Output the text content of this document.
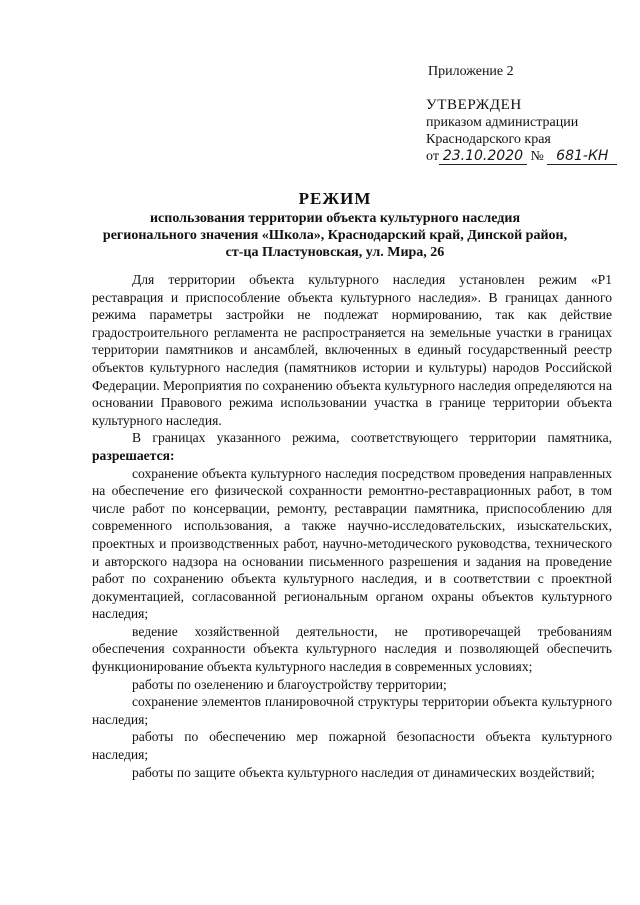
Приложение 2
УТВЕРЖДЕН
приказом администрации
Краснодарского края
от 23.10.2020 № 681-КН
РЕЖИМ
использования территории объекта культурного наследия
регионального значения «Школа», Краснодарский край, Динской район,
ст-ца Пластуновская, ул. Мира, 26

Для территории объекта культурного наследия установлен режим «Р1 реставрация и приспособление объекта культурного наследия». В границах данного режима параметры застройки не подлежат нормированию, так как действие градостроительного регламента не распространяется на земельные участки в границах территории памятников и ансамблей, включенных в единый государственный реестр объектов культурного наследия (памятников истории и культуры) народов Российской Федерации. Мероприятия по сохранению объекта культурного наследия определяются на основании Правового режима использовании участка в границе территории объекта культурного наследия.

В границах указанного режима, соответствующего территории памятника, разрешается:

сохранение объекта культурного наследия посредством проведения направленных на обеспечение его физической сохранности ремонтно-реставрационных работ, в том числе работ по консервации, ремонту, реставрации памятника, приспособлению для современного использования, а также научно-исследовательских, изыскательских, проектных и производственных работ, научно-методического руководства, технического и авторского надзора на основании письменного разрешения и задания на проведение работ по сохранению объекта культурного наследия, и в соответствии с проектной документацией, согласованной региональным органом охраны объектов культурного наследия;

ведение хозяйственной деятельности, не противоречащей требованиям обеспечения сохранности объекта культурного наследия и позволяющей обеспечить функционирование объекта культурного наследия в современных условиях;

работы по озеленению и благоустройству территории;

сохранение элементов планировочной структуры территории объекта культурного наследия;

работы по обеспечению мер пожарной безопасности объекта культурного наследия;

работы по защите объекта культурного наследия от динамических воздействий;
